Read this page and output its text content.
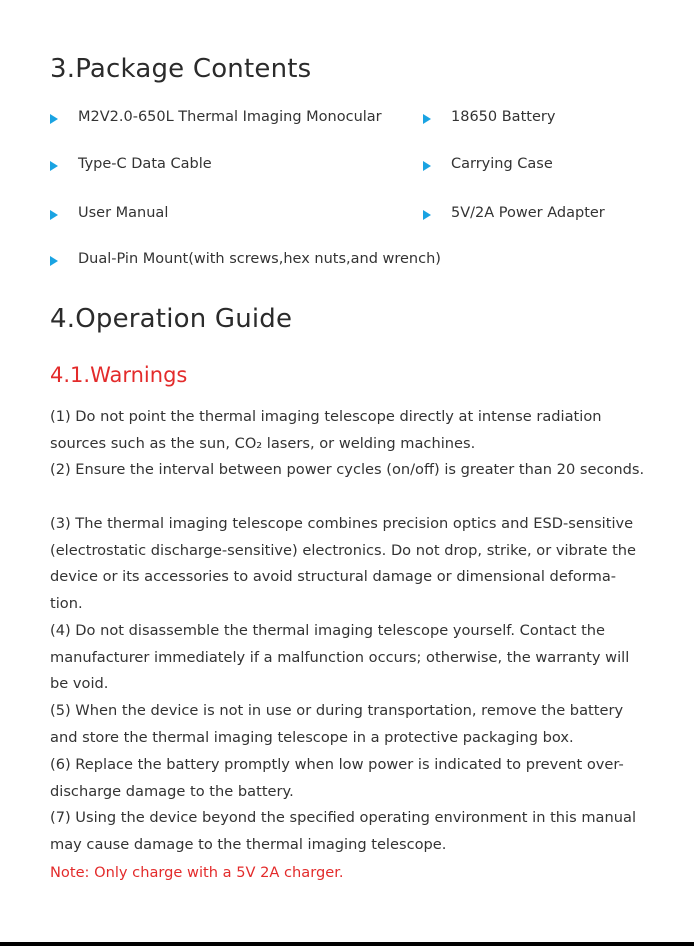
3.Package Contents
M2V2.0-650L Thermal Imaging Monocular	18650 Battery
Type-C Data Cable	Carrying Case
User Manual	5V/2A Power Adapter
Dual-Pin Mount(with screws,hex nuts,and wrench)
4.Operation Guide
4.1.Warnings

(1) Do not point the thermal imaging telescope directly at intense radiation sources such as the sun, CO₂ lasers, or welding machines.

(2) Ensure the interval between power cycles (on/off) is greater than 20 seconds.

(3) The thermal imaging telescope combines precision optics and ESD-sensitive (electrostatic discharge-sensitive) electronics. Do not drop, strike, or vibrate the device or its accessories to avoid structural damage or dimensional deforma-tion.

(4) Do not disassemble the thermal imaging telescope yourself. Contact the manufacturer immediately if a malfunction occurs; otherwise, the warranty will be void.

(5) When the device is not in use or during transportation, remove the battery and store the thermal imaging telescope in a protective packaging box.

(6) Replace the battery promptly when low power is indicated to prevent over-discharge damage to the battery.

(7) Using the device beyond the specified operating environment in this manual may cause damage to the thermal imaging telescope.

Note: Only charge with a 5V 2A charger.
